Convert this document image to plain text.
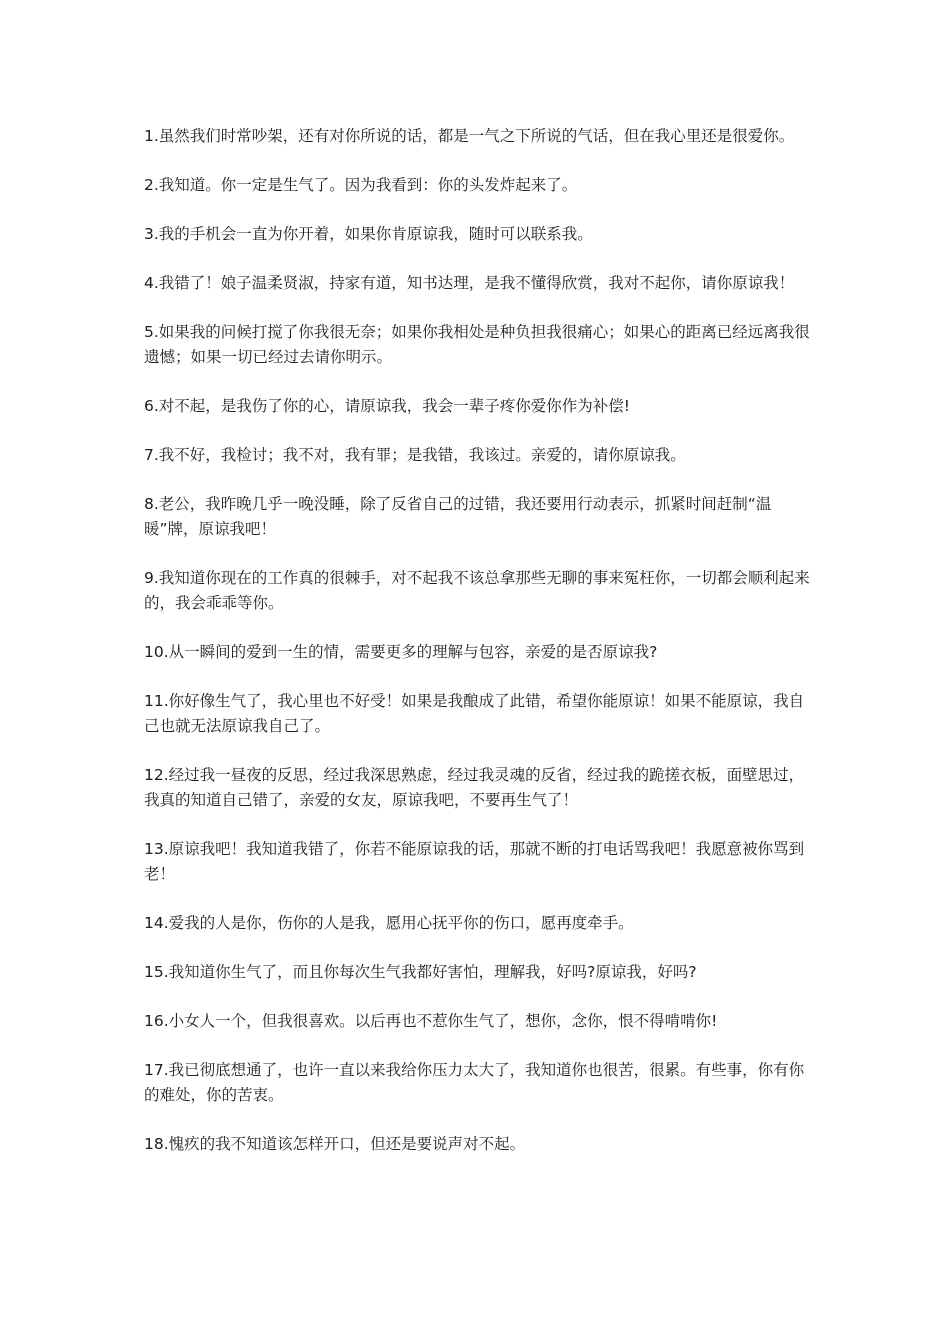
1.虽然我们时常吵架，还有对你所说的话，都是一气之下所说的气话，但在我心里还是很爱你。

2.我知道。你一定是生气了。因为我看到：你的头发炸起来了。

3.我的手机会一直为你开着，如果你肯原谅我，随时可以联系我。

4.我错了！娘子温柔贤淑，持家有道，知书达理，是我不懂得欣赏，我对不起你，请你原谅我！

5.如果我的问候打搅了你我很无奈；如果你我相处是种负担我很痛心；如果心的距离已经远离我很遗憾；如果一切已经过去请你明示。

6.对不起，是我伤了你的心，请原谅我，我会一辈子疼你爱你作为补偿!

7.我不好，我检讨；我不对，我有罪；是我错，我该过。亲爱的，请你原谅我。

8.老公，我昨晚几乎一晚没睡，除了反省自己的过错，我还要用行动表示，抓紧时间赶制“温暖”牌，原谅我吧！

9.我知道你现在的工作真的很棘手，对不起我不该总拿那些无聊的事来冤枉你，一切都会顺利起来的，我会乖乖等你。

10.从一瞬间的爱到一生的情，需要更多的理解与包容，亲爱的是否原谅我?

11.你好像生气了，我心里也不好受！如果是我酿成了此错，希望你能原谅！如果不能原谅，我自己也就无法原谅我自己了。

12.经过我一昼夜的反思，经过我深思熟虑，经过我灵魂的反省，经过我的跪搓衣板，面壁思过，我真的知道自己错了，亲爱的女友，原谅我吧，不要再生气了！

13.原谅我吧！我知道我错了，你若不能原谅我的话，那就不断的打电话骂我吧！我愿意被你骂到老！

14.爱我的人是你，伤你的人是我，愿用心抚平你的伤口，愿再度牵手。

15.我知道你生气了，而且你每次生气我都好害怕，理解我，好吗?原谅我，好吗?

16.小女人一个，但我很喜欢。以后再也不惹你生气了，想你，念你，恨不得啃啃你!

17.我已彻底想通了，也许一直以来我给你压力太大了，我知道你也很苦，很累。有些事，你有你的难处，你的苦衷。

18.愧疚的我不知道该怎样开口，但还是要说声对不起。
